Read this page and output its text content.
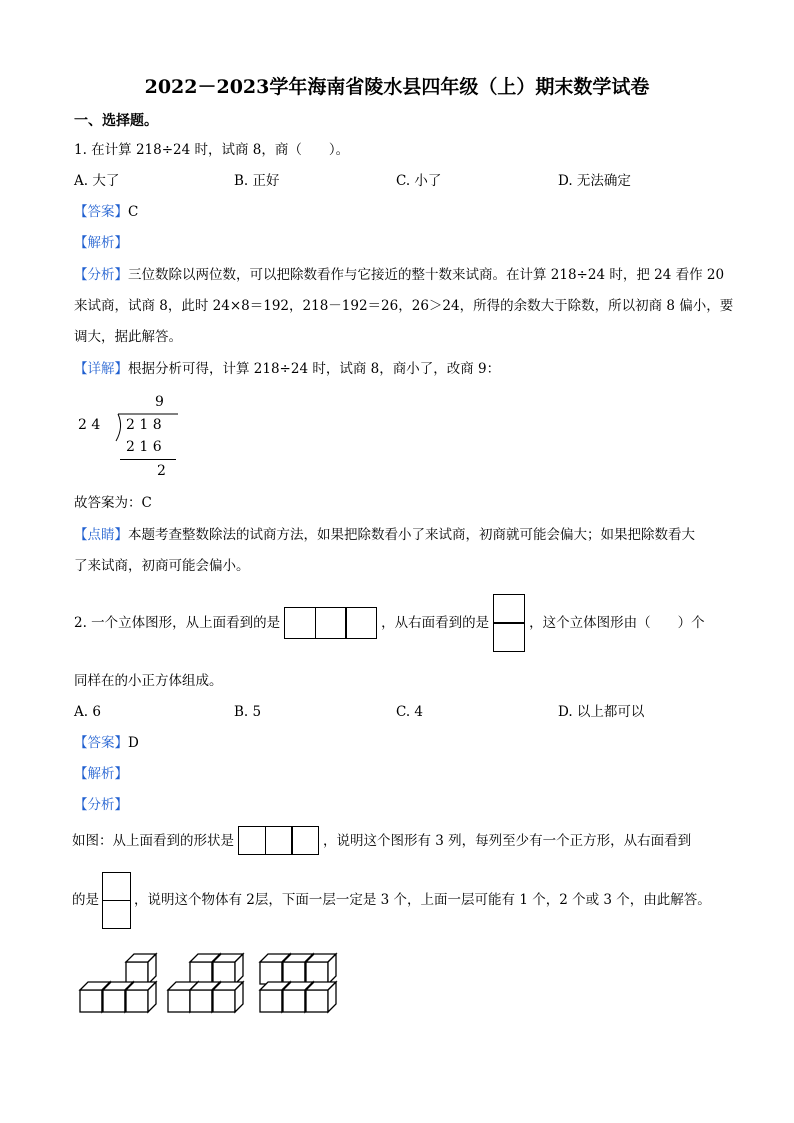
2022－2023学年海南省陵水县四年级（上）期末数学试卷
一、选择题。
1. 在计算 218÷24 时，试商 8，商（　　）。
A. 大了	B. 正好	C. 小了	D. 无法确定
【答案】C
【解析】
【分析】三位数除以两位数，可以把除数看作与它接近的整十数来试商。在计算 218÷24 时，把 24 看作 20
来试商，试商 8，此时 24×8＝192，218－192＝26，26＞24，所得的余数大于除数，所以初商 8 偏小，要
调大，据此解答。
【详解】根据分析可得，计算 218÷24 时，试商 8，商小了，改商 9：
9
2 4 2 1 8
2 1 6
2
故答案为：C
【点睛】本题考查整数除法的试商方法，如果把除数看小了来试商，初商就可能会偏大；如果把除数看大
了来试商，初商可能会偏小。
2. 一个立体图形，从上面看到的是	，从右面看到的是	，这个立体图形由（　　）个
同样在的小正方体组成。
A. 6	B. 5	C. 4	D. 以上都可以
【答案】D
【解析】
【分析】
如图：从上面看到的形状是	，说明这个图形有 3 列，每列至少有一个正方形，从右面看到
的是	，说明这个物体有 2层，下面一层一定是 3 个，上面一层可能有 1 个，2 个或 3 个，由此解答。
